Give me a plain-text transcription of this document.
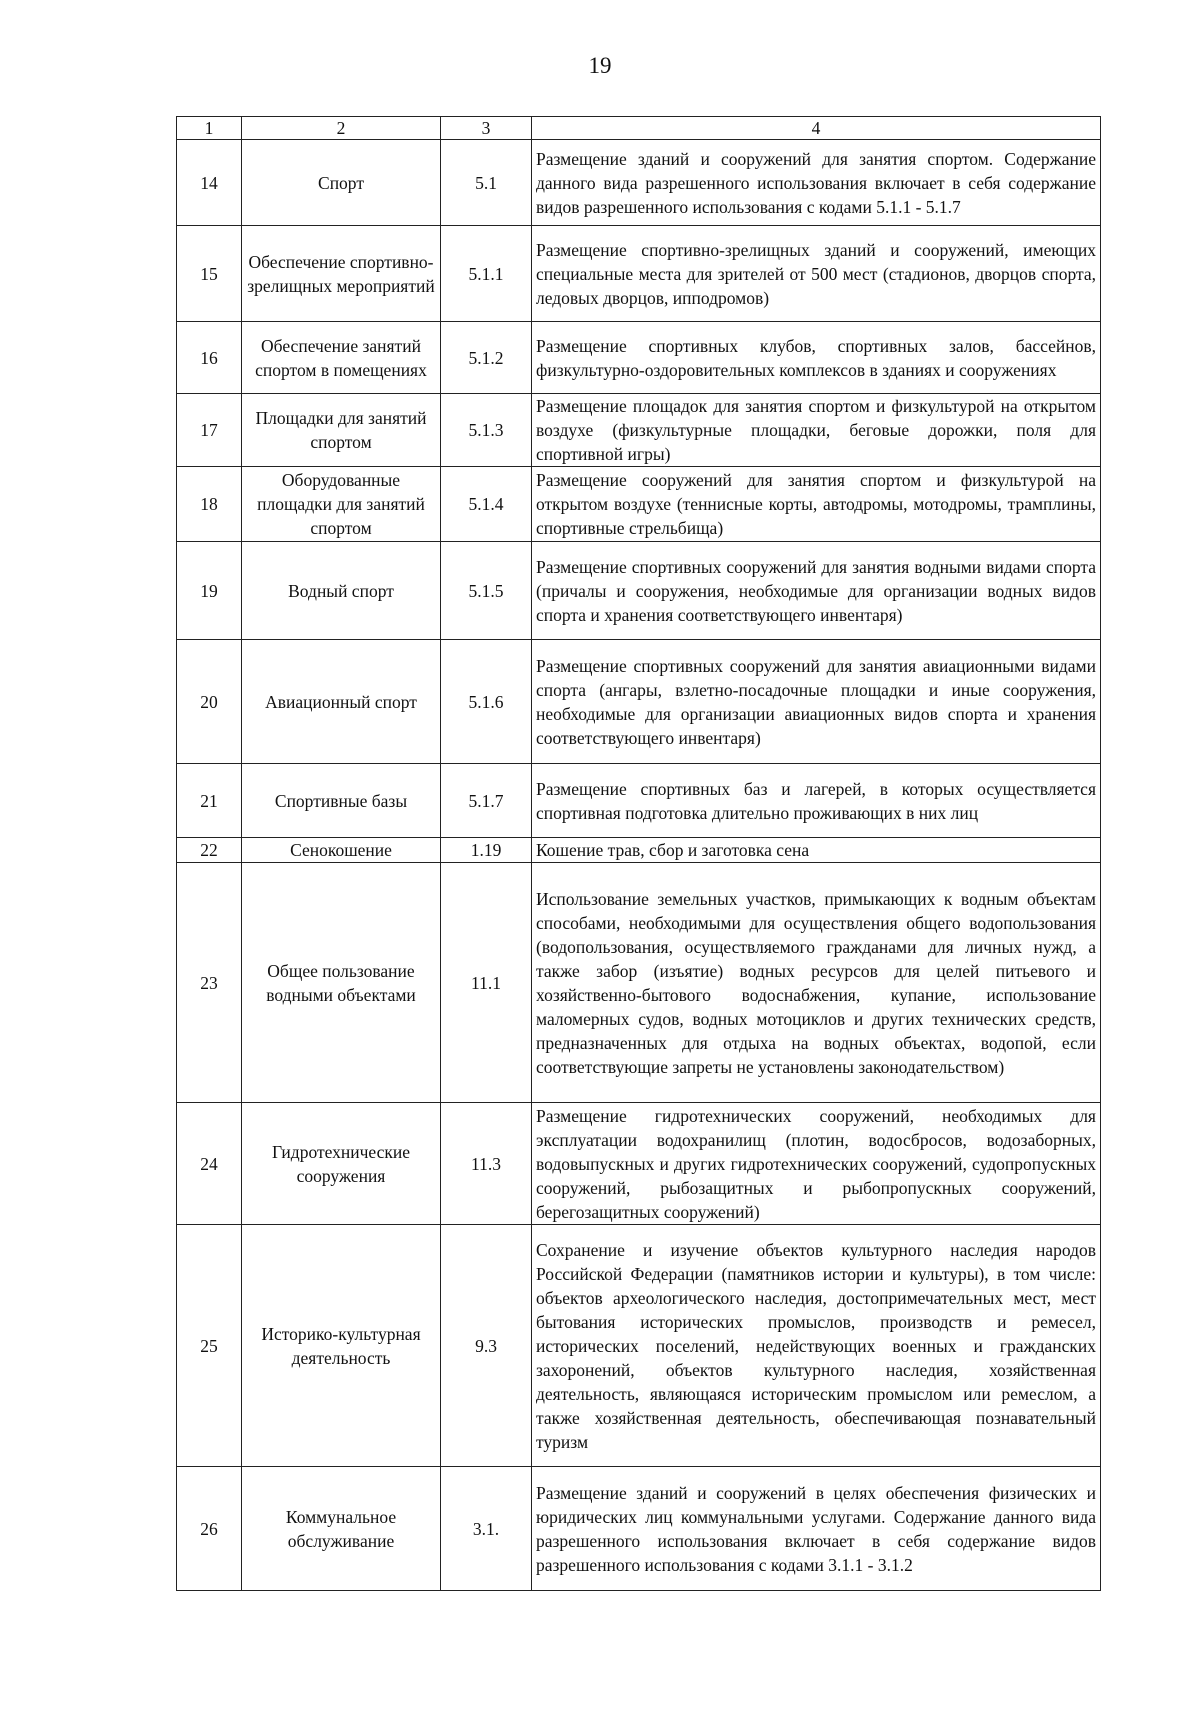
19
1	2	3	4
14	Спорт	5.1	Размещение зданий и сооружений для занятия спортом. Содержание данного вида разрешенного использования включает в себя содержание видов разрешенного использования с кодами 5.1.1 - 5.1.7
15	Обеспечение спортивно-зрелищных мероприятий	5.1.1	Размещение спортивно-зрелищных зданий и сооружений, имеющих специальные места для зрителей от 500 мест (стадионов, дворцов спорта, ледовых дворцов, ипподромов)
16	Обеспечение занятий спортом в помещениях	5.1.2	Размещение спортивных клубов, спортивных залов, бассейнов, физкультурно-оздоровительных комплексов в зданиях и сооружениях
17	Площадки для занятий спортом	5.1.3	Размещение площадок для занятия спортом и физкультурой на открытом воздухе (физкультурные площадки, беговые дорожки, поля для спортивной игры)
18	Оборудованные площадки для занятий спортом	5.1.4	Размещение сооружений для занятия спортом и физкультурой на открытом воздухе (теннисные корты, автодромы, мотодромы, трамплины, спортивные стрельбища)
19	Водный спорт	5.1.5	Размещение спортивных сооружений для занятия водными видами спорта (причалы и сооружения, необходимые для организации водных видов спорта и хранения соответствующего инвентаря)
20	Авиационный спорт	5.1.6	Размещение спортивных сооружений для занятия авиационными видами спорта (ангары, взлетно-посадочные площадки и иные сооружения, необходимые для организации авиационных видов спорта и хранения соответствующего инвентаря)
21	Спортивные базы	5.1.7	Размещение спортивных баз и лагерей, в которых осуществляется спортивная подготовка длительно проживающих в них лиц
22	Сенокошение	1.19	Кошение трав, сбор и заготовка сена
23	Общее пользование водными объектами	11.1	Использование земельных участков, примыкающих к водным объектам способами, необходимыми для осуществления общего водопользования (водопользования, осуществляемого гражданами для личных нужд, а также забор (изъятие) водных ресурсов для целей питьевого и хозяйственно-бытового водоснабжения, купание, использование маломерных судов, водных мотоциклов и других технических средств, предназначенных для отдыха на водных объектах, водопой, если соответствующие запреты не установлены законодательством)
24	Гидротехнические сооружения	11.3	Размещение гидротехнических сооружений, необходимых для эксплуатации водохранилищ (плотин, водосбросов, водозаборных, водовыпускных и других гидротехнических сооружений, судопропускных сооружений, рыбозащитных и рыбопропускных сооружений, берегозащитных сооружений)
25	Историко-культурная деятельность	9.3	Сохранение и изучение объектов культурного наследия народов Российской Федерации (памятников истории и культуры), в том числе: объектов археологического наследия, достопримечательных мест, мест бытования исторических промыслов, производств и ремесел, исторических поселений, недействующих военных и гражданских захоронений, объектов культурного наследия, хозяйственная деятельность, являющаяся историческим промыслом или ремеслом, а также хозяйственная деятельность, обеспечивающая познавательный туризм
26	Коммунальное обслуживание	3.1.	Размещение зданий и сооружений в целях обеспечения физических и юридических лиц коммунальными услугами. Содержание данного вида разрешенного использования включает в себя содержание видов разрешенного использования с кодами 3.1.1 - 3.1.2
